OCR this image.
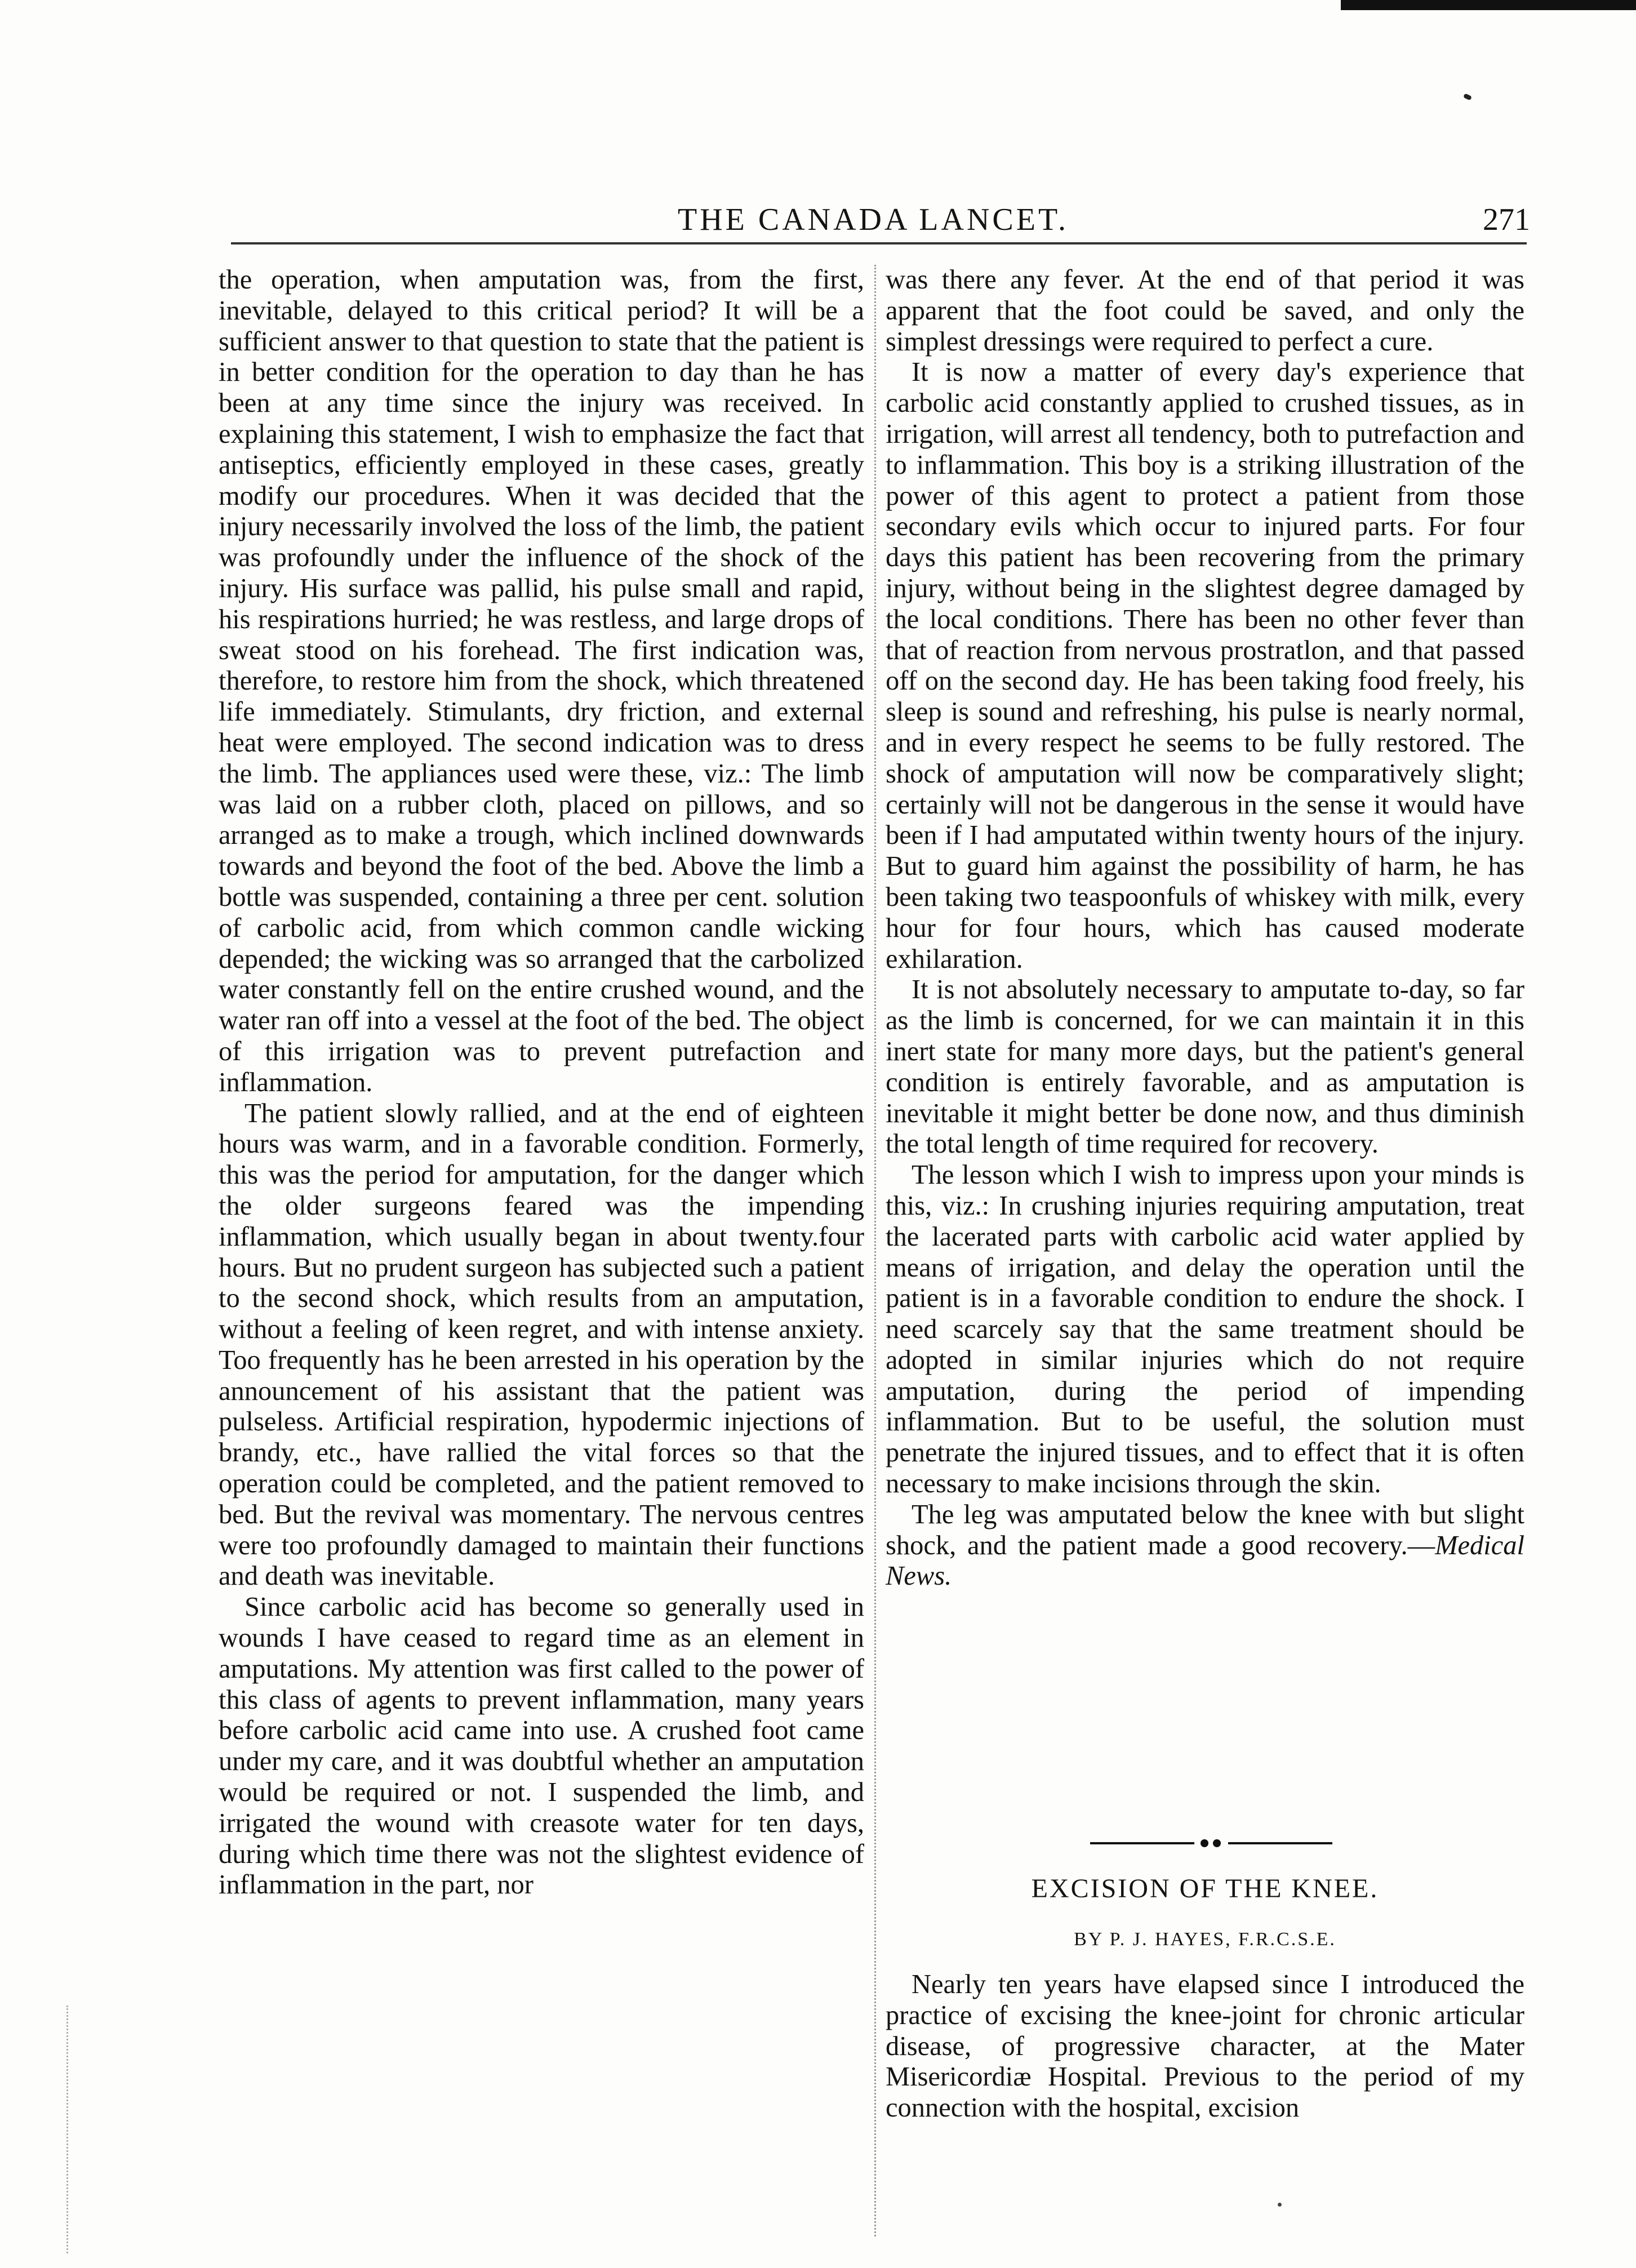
THE CANADA LANCET.	271

the operation, when amputation was, from the first, inevitable, delayed to this critical period? It will be a sufficient answer to that question to state that the patient is in better condition for the operation to day than he has been at any time since the injury was received. In explaining this statement, I wish to emphasize the fact that antiseptics, efficiently employed in these cases, greatly modify our procedures. When it was decided that the injury necessarily involved the loss of the limb, the patient was profoundly under the influence of the shock of the injury. His surface was pallid, his pulse small and rapid, his respirations hurried; he was restless, and large drops of sweat stood on his forehead. The first indication was, therefore, to restore him from the shock, which threatened life immediately. Stimulants, dry friction, and external heat were employed. The second indication was to dress the limb. The appliances used were these, viz.: The limb was laid on a rubber cloth, placed on pillows, and so arranged as to make a trough, which inclined downwards towards and beyond the foot of the bed. Above the limb a bottle was suspended, containing a three per cent. solution of carbolic acid, from which common candle wicking depended; the wicking was so arranged that the carbolized water constantly fell on the entire crushed wound, and the water ran off into a vessel at the foot of the bed. The object of this irrigation was to prevent putrefaction and inflammation.

The patient slowly rallied, and at the end of eighteen hours was warm, and in a favorable condition. Formerly, this was the period for amputation, for the danger which the older surgeons feared was the impending inflammation, which usually began in about twenty.four hours. But no prudent surgeon has subjected such a patient to the second shock, which results from an amputation, without a feeling of keen regret, and with intense anxiety. Too frequently has he been arrested in his operation by the announcement of his assistant that the patient was pulseless. Artificial respiration, hypodermic injections of brandy, etc., have rallied the vital forces so that the operation could be completed, and the patient removed to bed. But the revival was momentary. The nervous centres were too profoundly damaged to maintain their functions and death was inevitable.

Since carbolic acid has become so generally used in wounds I have ceased to regard time as an element in amputations. My attention was first called to the power of this class of agents to prevent inflammation, many years before carbolic acid came into use. A crushed foot came under my care, and it was doubtful whether an amputation would be required or not. I suspended the limb, and irrigated the wound with creasote water for ten days, during which time there was not the slightest evidence of inflammation in the part, nor

was there any fever. At the end of that period it was apparent that the foot could be saved, and only the simplest dressings were required to perfect a cure.

It is now a matter of every day's experience that carbolic acid constantly applied to crushed tissues, as in irrigation, will arrest all tendency, both to putrefaction and to inflammation. This boy is a striking illustration of the power of this agent to protect a patient from those secondary evils which occur to injured parts. For four days this patient has been recovering from the primary injury, without being in the slightest degree damaged by the local conditions. There has been no other fever than that of reaction from nervous prostratlon, and that passed off on the second day. He has been taking food freely, his sleep is sound and refreshing, his pulse is nearly normal, and in every respect he seems to be fully restored. The shock of amputation will now be comparatively slight; certainly will not be dangerous in the sense it would have been if I had amputated within twenty hours of the injury. But to guard him against the possibility of harm, he has been taking two teaspoonfuls of whiskey with milk, every hour for four hours, which has caused moderate exhilaration.

It is not absolutely necessary to amputate to-day, so far as the limb is concerned, for we can maintain it in this inert state for many more days, but the patient's general condition is entirely favorable, and as amputation is inevitable it might better be done now, and thus diminish the total length of time required for recovery.

The lesson which I wish to impress upon your minds is this, viz.: In crushing injuries requiring amputation, treat the lacerated parts with carbolic acid water applied by means of irrigation, and delay the operation until the patient is in a favorable condition to endure the shock. I need scarcely say that the same treatment should be adopted in similar injuries which do not require amputation, during the period of impending inflammation. But to be useful, the solution must penetrate the injured tissues, and to effect that it is often necessary to make incisions through the skin.

The leg was amputated below the knee with but slight shock, and the patient made a good recovery.—Medical News.

EXCISION OF THE KNEE.
BY P. J. HAYES, F.R.C.S.E.

Nearly ten years have elapsed since I introduced the practice of excising the knee-joint for chronic articular disease, of progressive character, at the Mater Misericordiæ Hospital. Previous to the period of my connection with the hospital, excision
